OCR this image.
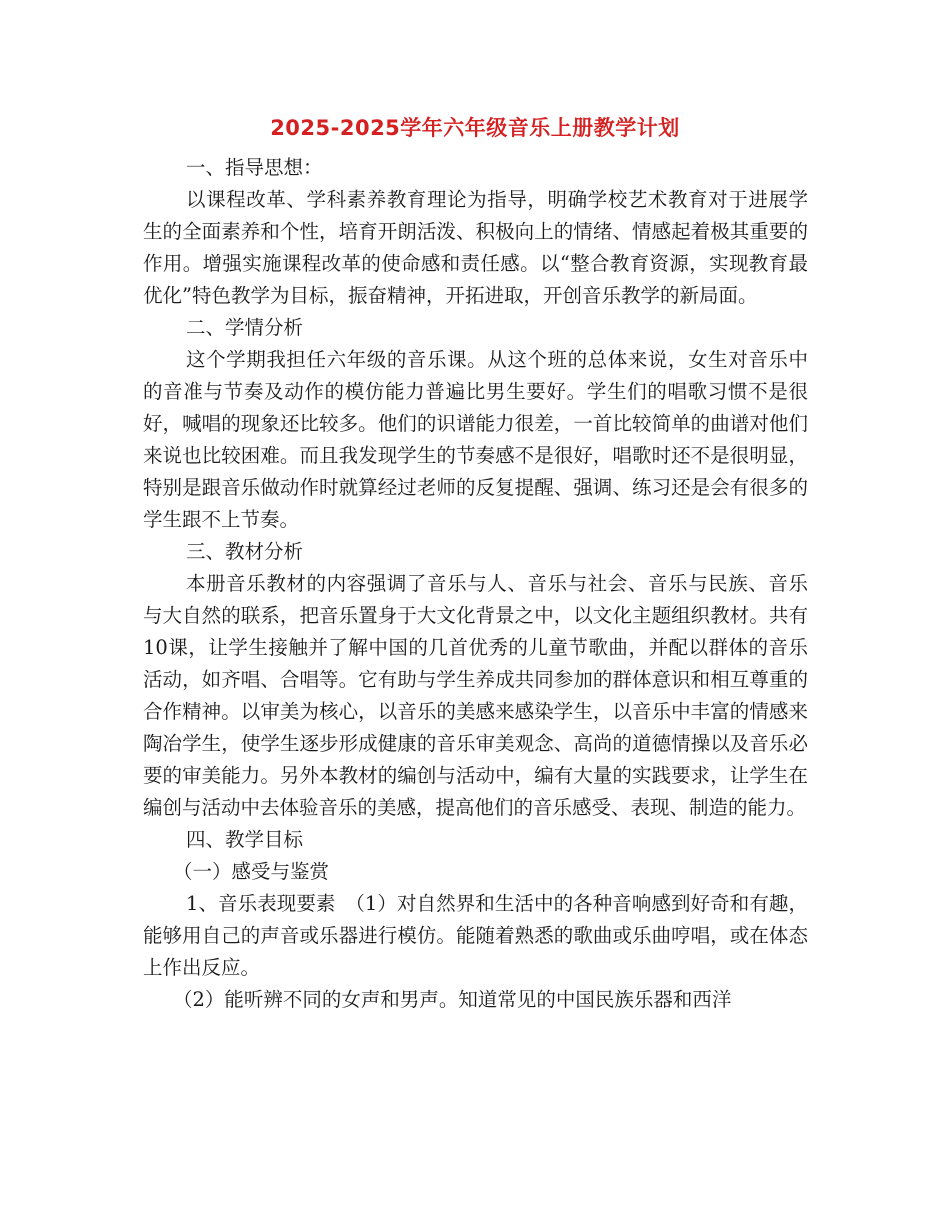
2025-2025学年六年级音乐上册教学计划

一、指导思想：

以课程改革、学科素养教育理论为指导，明确学校艺术教育对于进展学生的全面素养和个性，培育开朗活泼、积极向上的情绪、情感起着极其重要的作用。增强实施课程改革的使命感和责任感。以“整合教育资源，实现教育最优化”特色教学为目标，振奋精神，开拓进取，开创音乐教学的新局面。

二、学情分析

这个学期我担任六年级的音乐课。从这个班的总体来说，女生对音乐中的音准与节奏及动作的模仿能力普遍比男生要好。学生们的唱歌习惯不是很好，喊唱的现象还比较多。他们的识谱能力很差，一首比较简单的曲谱对他们来说也比较困难。而且我发现学生的节奏感不是很好，唱歌时还不是很明显，特别是跟音乐做动作时就算经过老师的反复提醒、强调、练习还是会有很多的学生跟不上节奏。

三、教材分析

本册音乐教材的内容强调了音乐与人、音乐与社会、音乐与民族、音乐与大自然的联系，把音乐置身于大文化背景之中，以文化主题组织教材。共有10课，让学生接触并了解中国的几首优秀的儿童节歌曲，并配以群体的音乐活动，如齐唱、合唱等。它有助与学生养成共同参加的群体意识和相互尊重的合作精神。以审美为核心，以音乐的美感来感染学生，以音乐中丰富的情感来陶冶学生，使学生逐步形成健康的音乐审美观念、高尚的道德情操以及音乐必要的审美能力。另外本教材的编创与活动中，编有大量的实践要求，让学生在编创与活动中去体验音乐的美感，提高他们的音乐感受、表现、制造的能力。

四、教学目标

（一）感受与鉴赏

1、音乐表现要素　（1）对自然界和生活中的各种音响感到好奇和有趣，能够用自己的声音或乐器进行模仿。能随着熟悉的歌曲或乐曲哼唱，或在体态上作出反应。

（2）能听辨不同的女声和男声。知道常见的中国民族乐器和西洋
